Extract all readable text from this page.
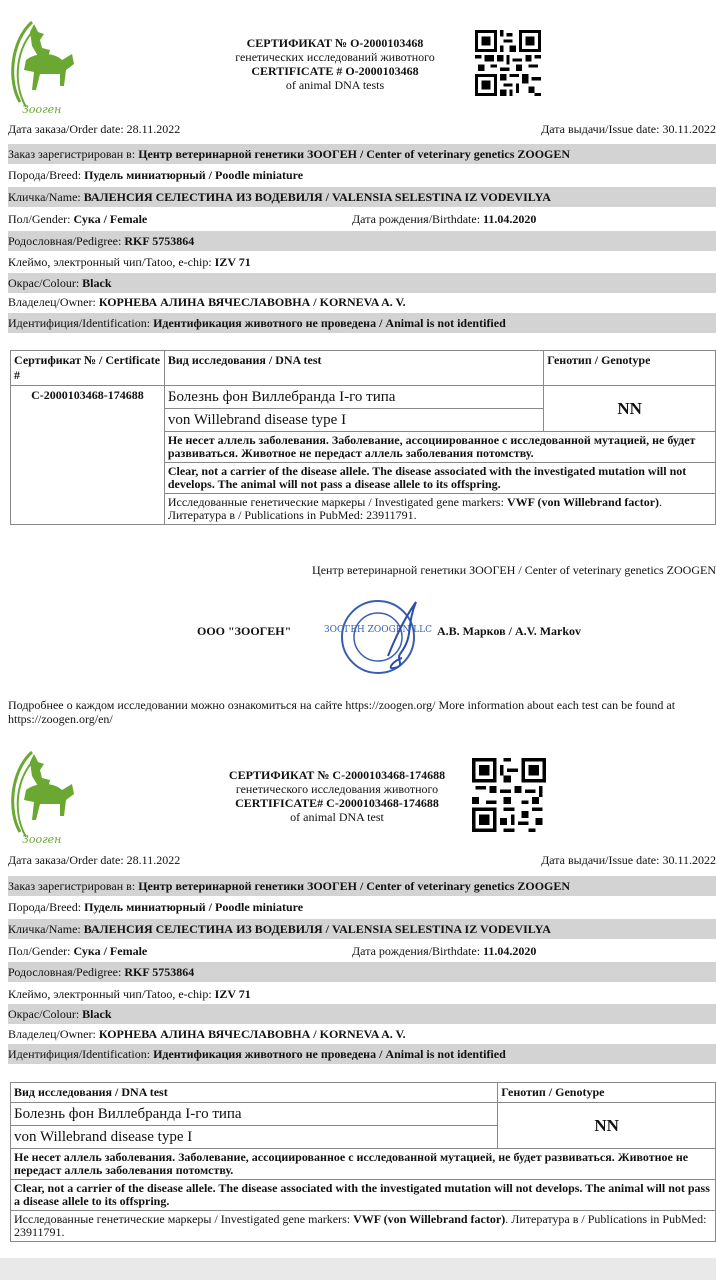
Зооген
СЕРТИФИКАТ № О-2000103468
генетических исследований животного
CERTIFICATE # О-2000103468
of animal DNA tests
Дата заказа/Order date: 28.11.2022	Дата выдачи/Issue date: 30.11.2022
Заказ зарегистрирован в: Центр ветеринарной генетики ЗООГЕН / Center of veterinary genetics ZOOGEN
Порода/Breed: Пудель миниатюрный / Poodle miniature
Кличка/Name: ВАЛЕНСИЯ СЕЛЕСТИНА ИЗ ВОДЕВИЛЯ / VALENSIA SELESTINA IZ VODEVILYA
Пол/Gender: Сука / Female	Дата рождения/Birthdate: 11.04.2020
Родословная/Pedigree: RKF 5753864
Клеймо, электронный чип/Tatoo, e-chip: IZV 71
Окрас/Colour: Black
Владелец/Owner: КОРНЕВА АЛИНА ВЯЧЕСЛАВОВНА / KORNEVA A. V.
Идентифиция/Identification: Идентификация животного не проведена / Animal is not identified
Сертификат № / Certificate #	Вид исследования / DNA test	Генотип / Genotype
С-2000103468-174688	Болезнь фон Виллебранда I-го типа	NN
	von Willebrand disease type I	
	Не несет аллель заболевания. Заболевание, ассоциированное с исследованной мутацией, не будет развиваться. Животное не передаст аллель заболевания потомству.	
	Clear, not a carrier of the disease allele. The disease associated with the investigated mutation will not develops. The animal will not pass a disease allele to its offspring.	
	Исследованные генетические маркеры / Investigated gene markers: VWF (von Willebrand factor). Литература в / Publications in PubMed: 23911791.	
Центр ветеринарной генетики ЗООГЕН / Center of veterinary genetics ZOOGEN
ООО "ЗООГЕН"	ЗООГЕН ZOOGEN LLC А.В. Марков / A.V. Markov
Подробнее о каждом исследовании можно ознакомиться на сайте https://zoogen.org/ More information about each test can be found at https://zoogen.org/en/
Зооген
СЕРТИФИКАТ № С-2000103468-174688
генетического исследования животного
CERTIFICATE# С-2000103468-174688
of animal DNA test
Дата заказа/Order date: 28.11.2022	Дата выдачи/Issue date: 30.11.2022
Заказ зарегистрирован в: Центр ветеринарной генетики ЗООГЕН / Center of veterinary genetics ZOOGEN
Порода/Breed: Пудель миниатюрный / Poodle miniature
Кличка/Name: ВАЛЕНСИЯ СЕЛЕСТИНА ИЗ ВОДЕВИЛЯ / VALENSIA SELESTINA IZ VODEVILYA
Пол/Gender: Сука / Female	Дата рождения/Birthdate: 11.04.2020
Родословная/Pedigree: RKF 5753864
Клеймо, электронный чип/Tatoo, e-chip: IZV 71
Окрас/Colour: Black
Владелец/Owner: КОРНЕВА АЛИНА ВЯЧЕСЛАВОВНА / KORNEVA A. V.
Идентифиция/Identification: Идентификация животного не проведена / Animal is not identified
Вид исследования / DNA test	Генотип / Genotype
Болезнь фон Виллебранда I-го типа	NN
von Willebrand disease type I	
Не несет аллель заболевания. Заболевание, ассоциированное с исследованной мутацией, не будет развиваться. Животное не передаст аллель заболевания потомству.	
Clear, not a carrier of the disease allele. The disease associated with the investigated mutation will not develops. The animal will not pass a disease allele to its offspring.	
Исследованные генетические маркеры / Investigated gene markers: VWF (von Willebrand factor). Литература в / Publications in PubMed: 23911791.	
